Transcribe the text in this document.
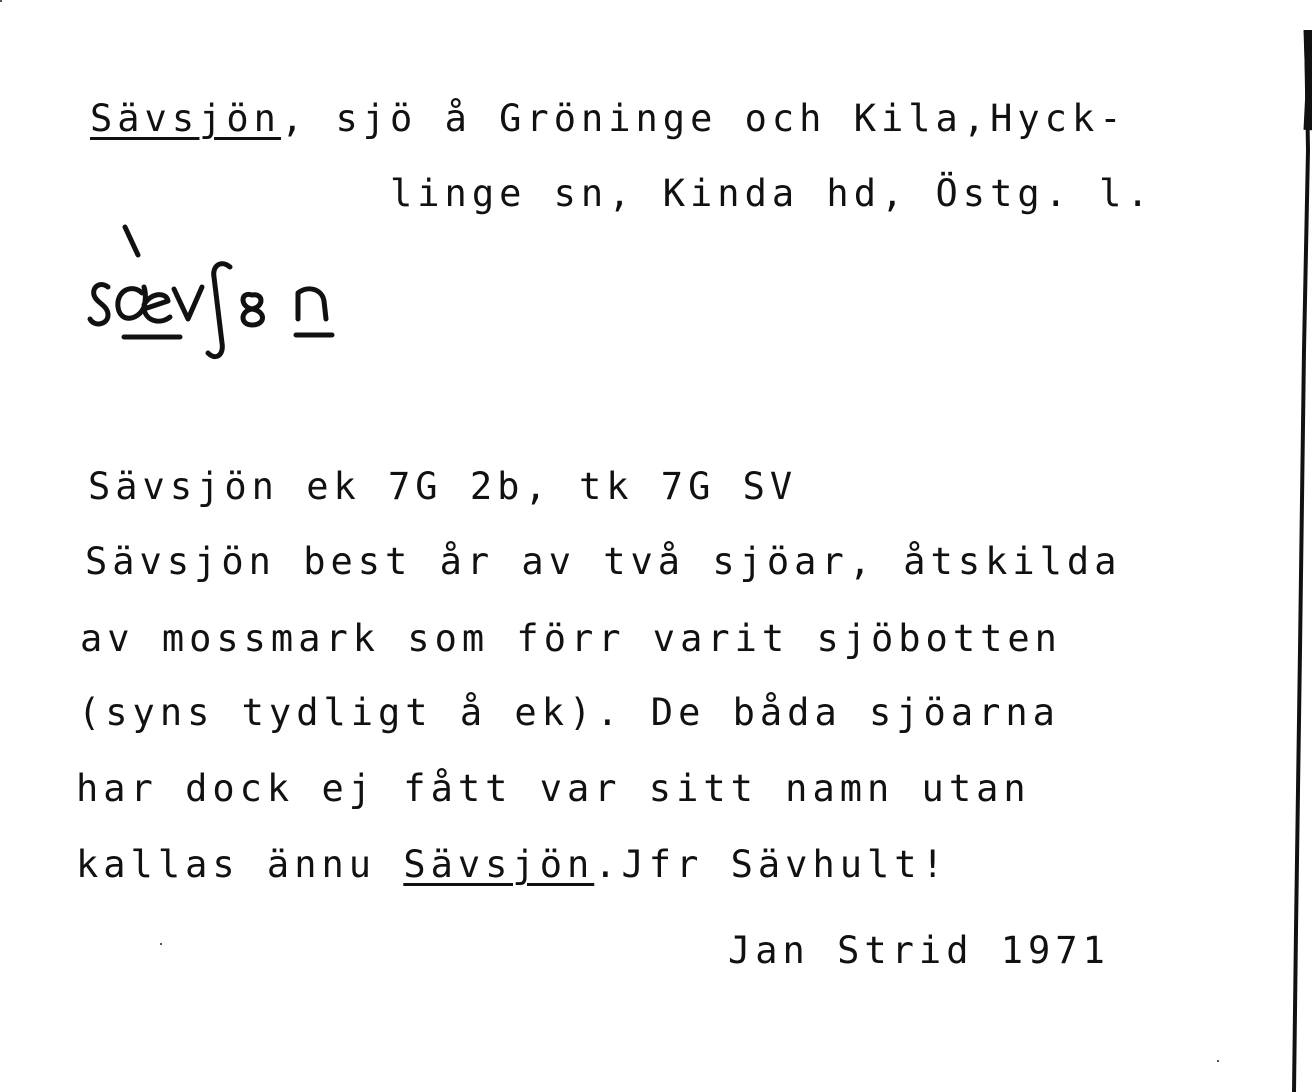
Sävsjön, sjö å Gröninge och Kila,Hyck-
linge sn, Kinda hd, Östg. l.
Sävsjön ek 7G 2b, tk 7G SV
Sävsjön best år av två sjöar, åtskilda
av mossmark som förr varit sjöbotten
(syns tydligt å ek). De båda sjöarna
har dock ej fått var sitt namn utan
kallas ännu Sävsjön.Jfr Sävhult!
Jan Strid 1971
